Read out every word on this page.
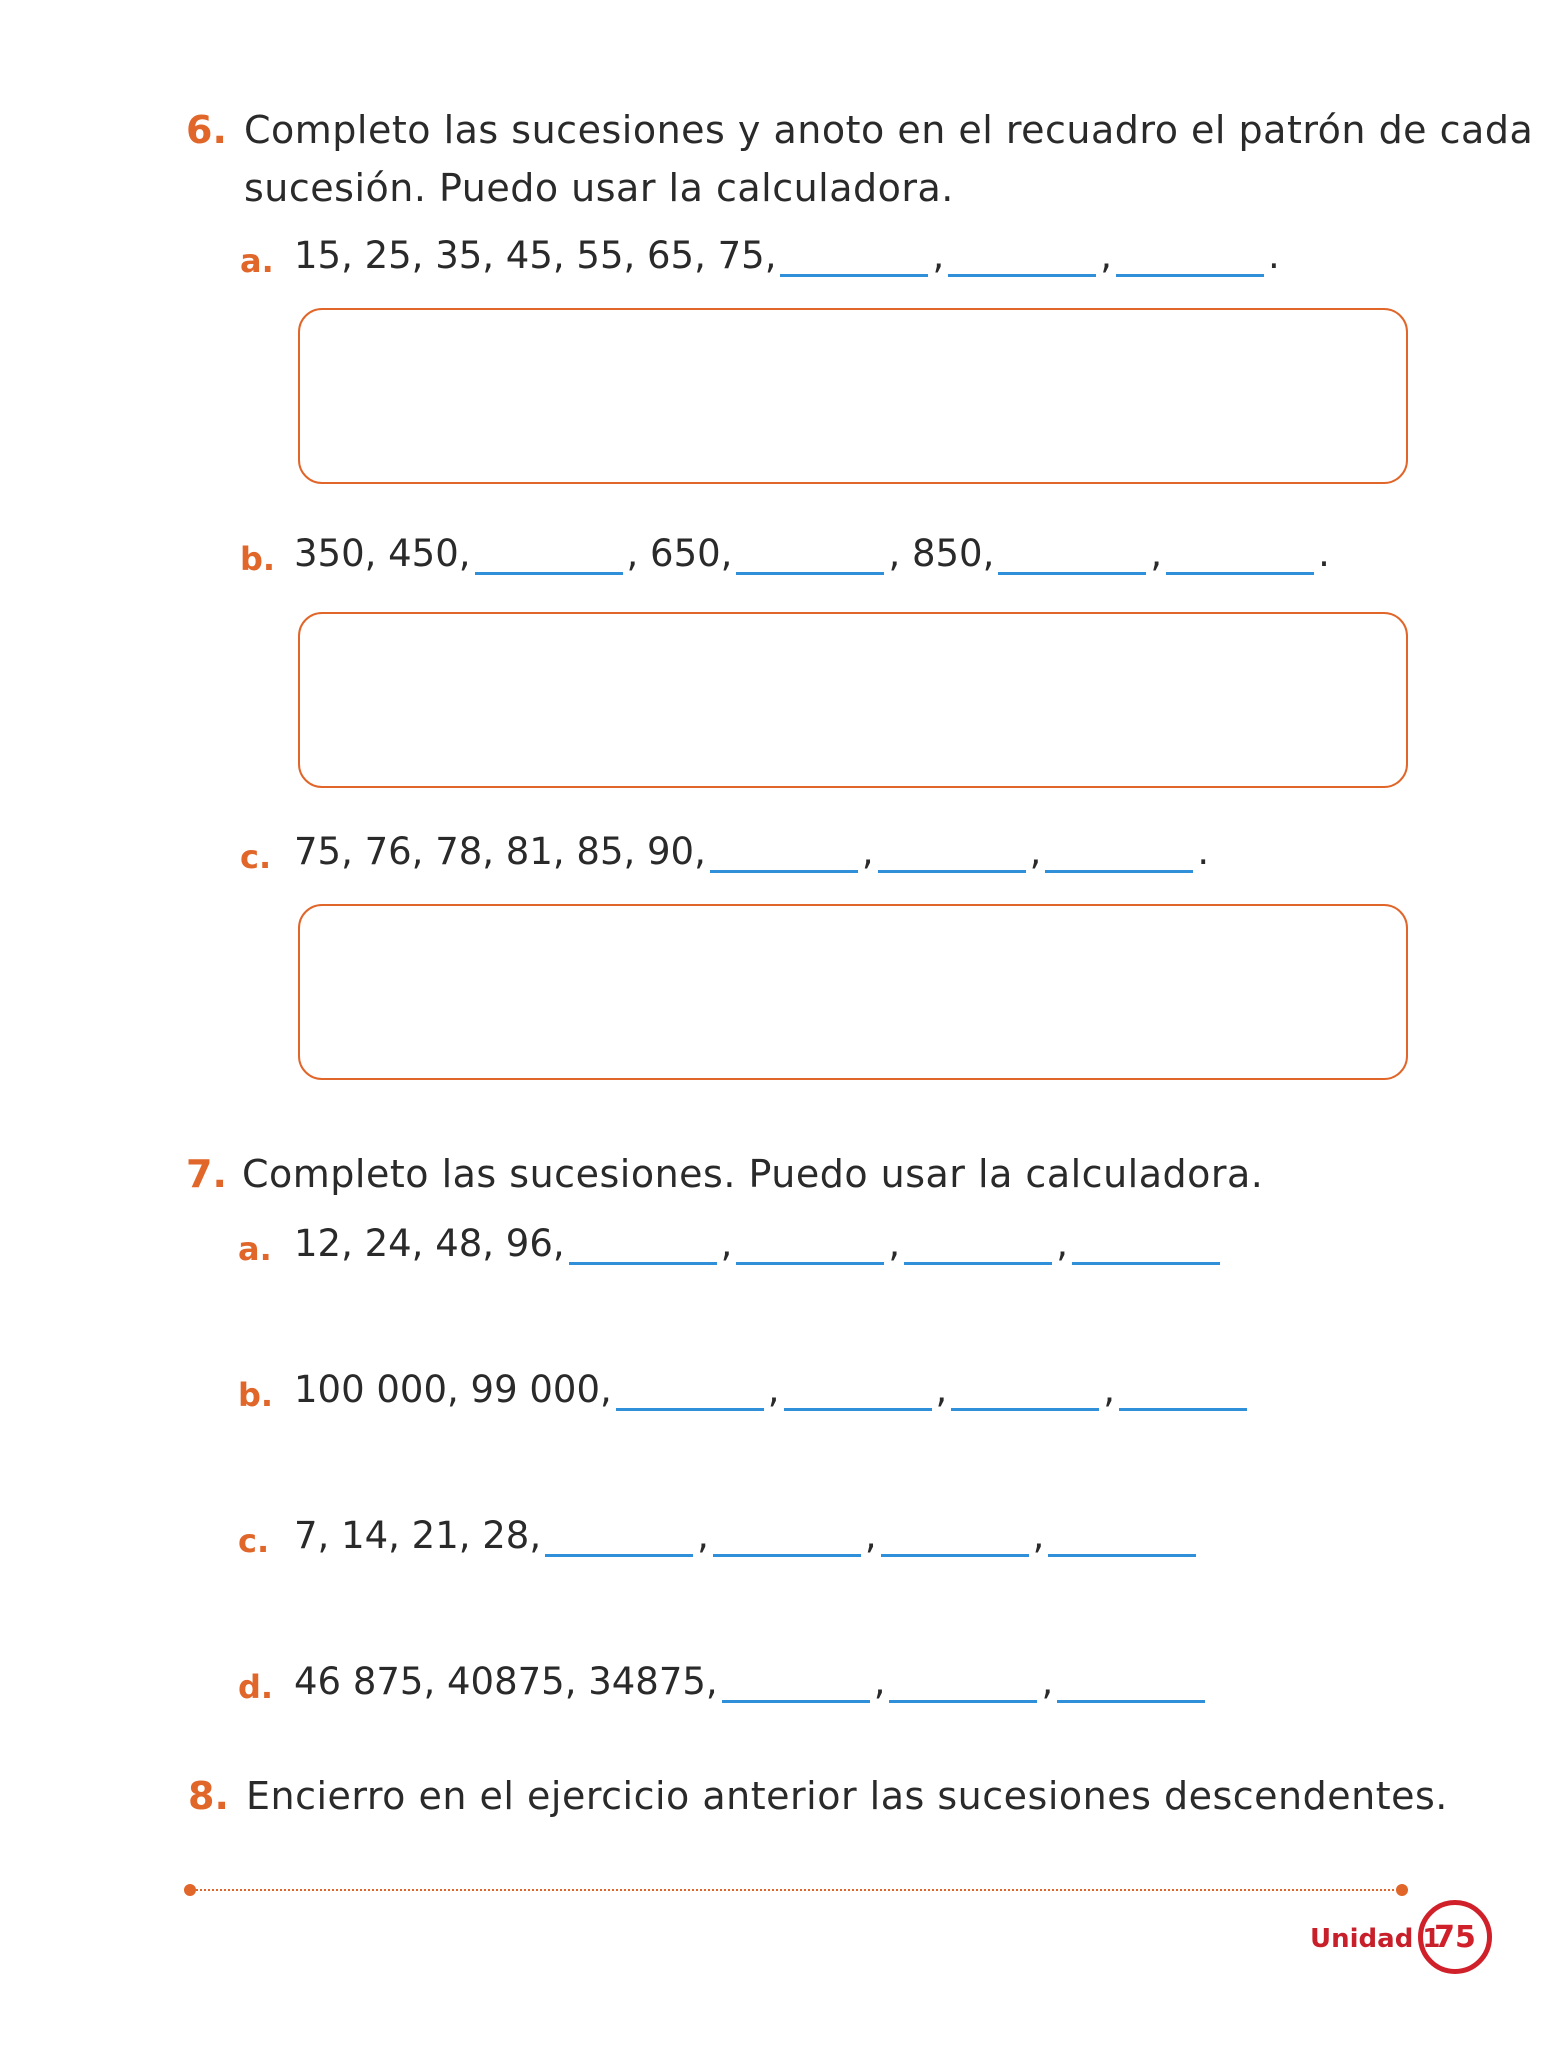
6. Completo las sucesiones y anoto en el recuadro el patrón de cada
sucesión. Puedo usar la calculadora.
a. 15, 25, 35, 45, 55, 65, 75,	,	,	.
b. 350, 450,	, 650,	, 850,	,	.
c. 75, 76, 78, 81, 85, 90,	,	,	.
7. Completo las sucesiones. Puedo usar la calculadora.
a. 12, 24, 48, 96,	,	,	,
b. 100 000, 99 000,	,	,	,
c. 7, 14, 21, 28,	,	,	,
d. 46 875, 40875, 34875,	,	,
8. Encierro en el ejercicio anterior las sucesiones descendentes.
Unidad 1
75
